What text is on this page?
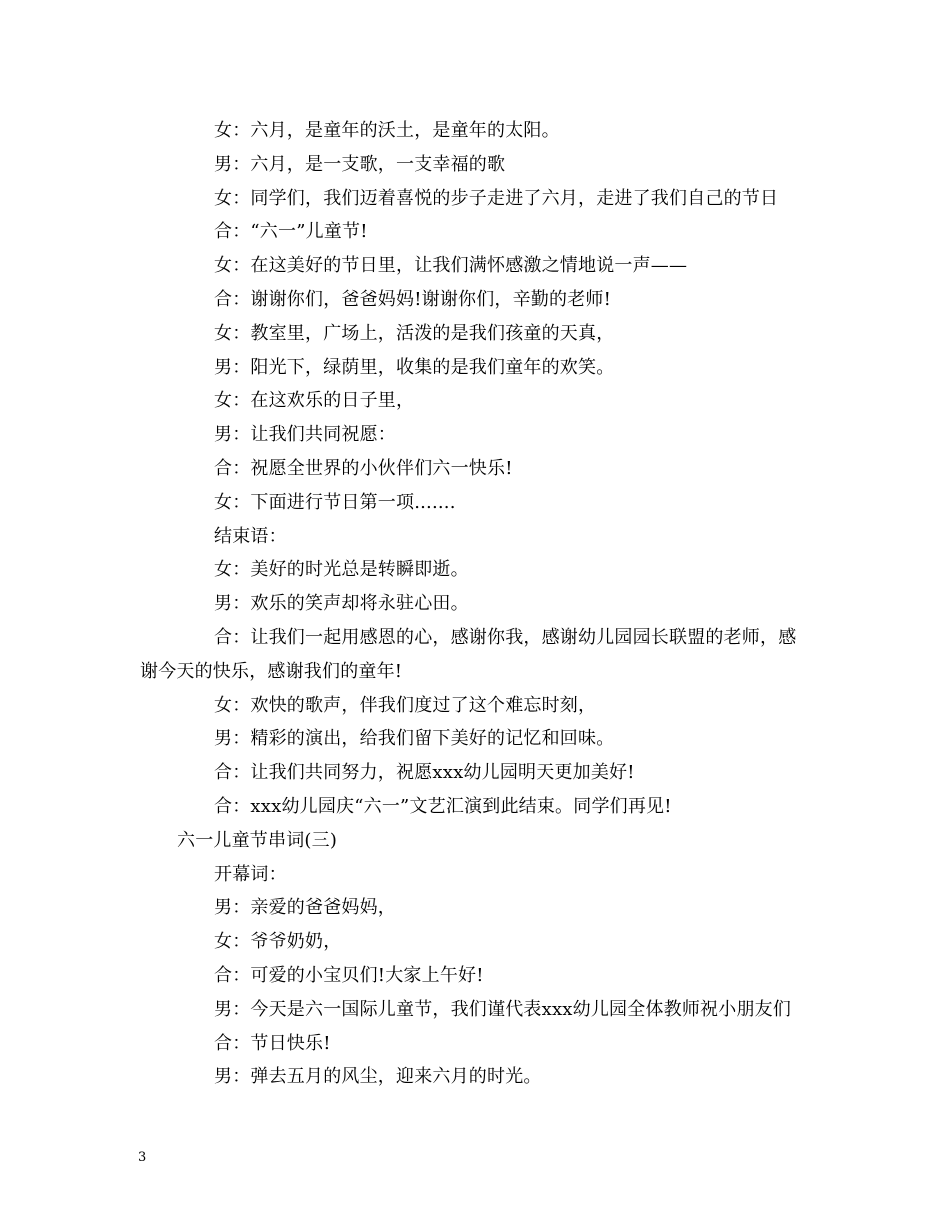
女：六月，是童年的沃土，是童年的太阳。
男：六月，是一支歌，一支幸福的歌
女：同学们，我们迈着喜悦的步子走进了六月，走进了我们自己的节日
合：“六一”儿童节!
女：在这美好的节日里，让我们满怀感激之情地说一声——
合：谢谢你们，爸爸妈妈!谢谢你们，辛勤的老师!
女：教室里，广场上，活泼的是我们孩童的天真，
男：阳光下，绿荫里，收集的是我们童年的欢笑。
女：在这欢乐的日子里，
男：让我们共同祝愿：
合：祝愿全世界的小伙伴们六一快乐!
女：下面进行节日第一项.......
结束语：
女：美好的时光总是转瞬即逝。
男：欢乐的笑声却将永驻心田。
合：让我们一起用感恩的心，感谢你我，感谢幼儿园园长联盟的老师，感
谢今天的快乐，感谢我们的童年!
女：欢快的歌声，伴我们度过了这个难忘时刻，
男：精彩的演出，给我们留下美好的记忆和回味。
合：让我们共同努力，祝愿xxx幼儿园明天更加美好!
合：xxx幼儿园庆“六一”文艺汇演到此结束。同学们再见!
六一儿童节串词(三)
开幕词：
男：亲爱的爸爸妈妈，
女：爷爷奶奶，
合：可爱的小宝贝们!大家上午好!
男：今天是六一国际儿童节，我们谨代表xxx幼儿园全体教师祝小朋友们
合：节日快乐!
男：弹去五月的风尘，迎来六月的时光。
3
